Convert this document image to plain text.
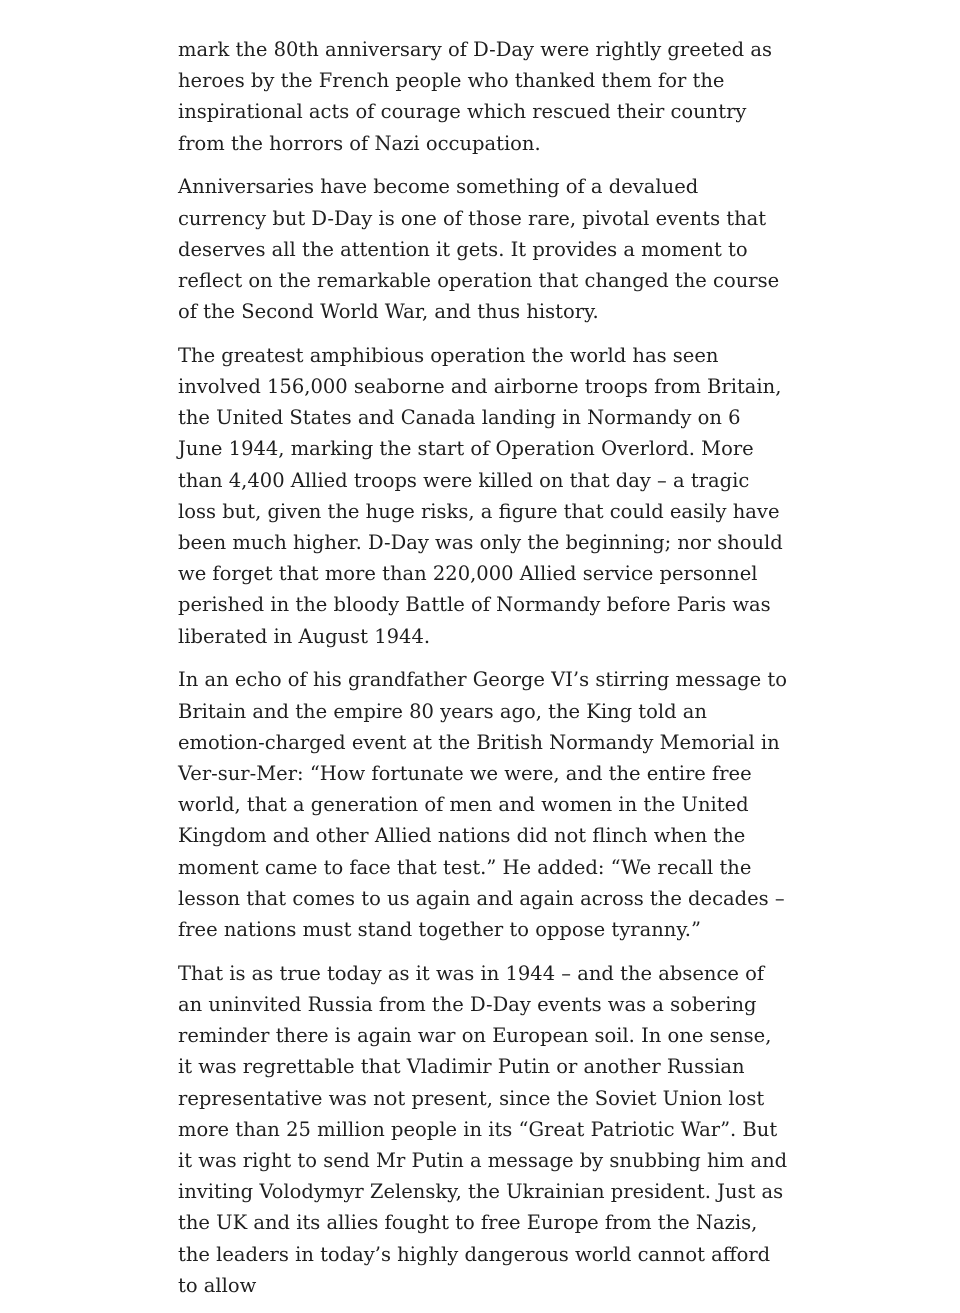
mark the 80th anniversary of D-Day were rightly greeted as heroes by the French people who thanked them for the inspirational acts of courage which rescued their country from the horrors of Nazi occupation.

Anniversaries have become something of a devalued currency but D-Day is one of those rare, pivotal events that deserves all the attention it gets. It provides a moment to reflect on the remarkable operation that changed the course of the Second World War, and thus history.

The greatest amphibious operation the world has seen involved 156,000 seaborne and airborne troops from Britain, the United States and Canada landing in Normandy on 6 June 1944, marking the start of Operation Overlord. More than 4,400 Allied troops were killed on that day – a tragic loss but, given the huge risks, a figure that could easily have been much higher. D-Day was only the beginning; nor should we forget that more than 220,000 Allied service personnel perished in the bloody Battle of Normandy before Paris was liberated in August 1944.

In an echo of his grandfather George VI’s stirring message to Britain and the empire 80 years ago, the King told an emotion-charged event at the British Normandy Memorial in Ver-sur-Mer: “How fortunate we were, and the entire free world, that a generation of men and women in the United Kingdom and other Allied nations did not flinch when the moment came to face that test.” He added: “We recall the lesson that comes to us again and again across the decades – free nations must stand together to oppose tyranny.”

That is as true today as it was in 1944 – and the absence of an uninvited Russia from the D-Day events was a sobering reminder there is again war on European soil. In one sense, it was regrettable that Vladimir Putin or another Russian representative was not present, since the Soviet Union lost more than 25 million people in its “Great Patriotic War”. But it was right to send Mr Putin a message by snubbing him and inviting Volodymyr Zelensky, the Ukrainian president. Just as the UK and its allies fought to free Europe from the Nazis, the leaders in today’s highly dangerous world cannot afford to allow
